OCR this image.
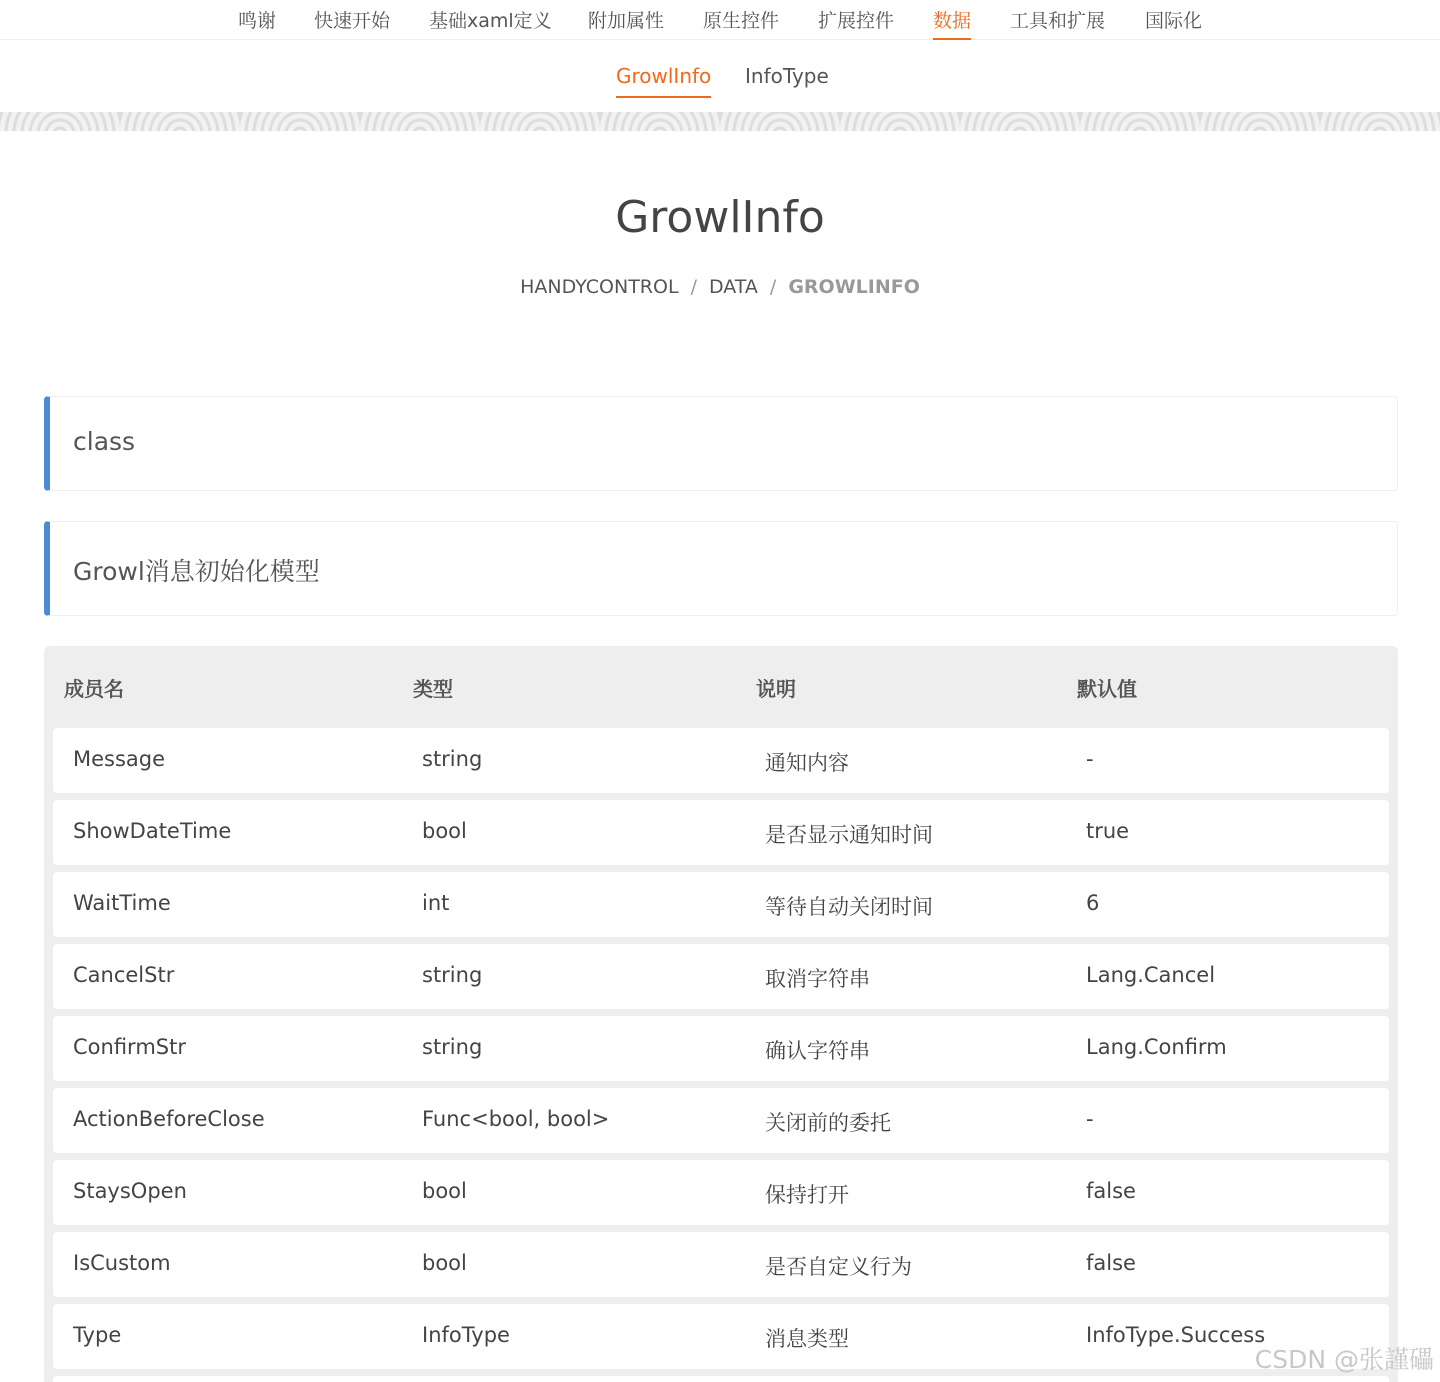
鸣谢 快速开始 基础xaml定义 附加属性 原生控件 扩展控件 数据 工具和扩展 国际化
GrowlInfo InfoType
GrowlInfo
HANDYCONTROL / DATA / GROWLINFO
class
Growl消息初始化模型
成员名	类型	说明	默认值
Message	string	通知内容	-
ShowDateTime	bool	是否显示通知时间	true
WaitTime	int	等待自动关闭时间	6
CancelStr	string	取消字符串	Lang.Cancel
ConfirmStr	string	确认字符串	Lang.Confirm
ActionBeforeClose	Func<bool, bool>	关闭前的委托	-
StaysOpen	bool	保持打开	false
IsCustom	bool	是否自定义行为	false
Type	InfoType	消息类型	InfoType.Success
CSDN @张謹礧
